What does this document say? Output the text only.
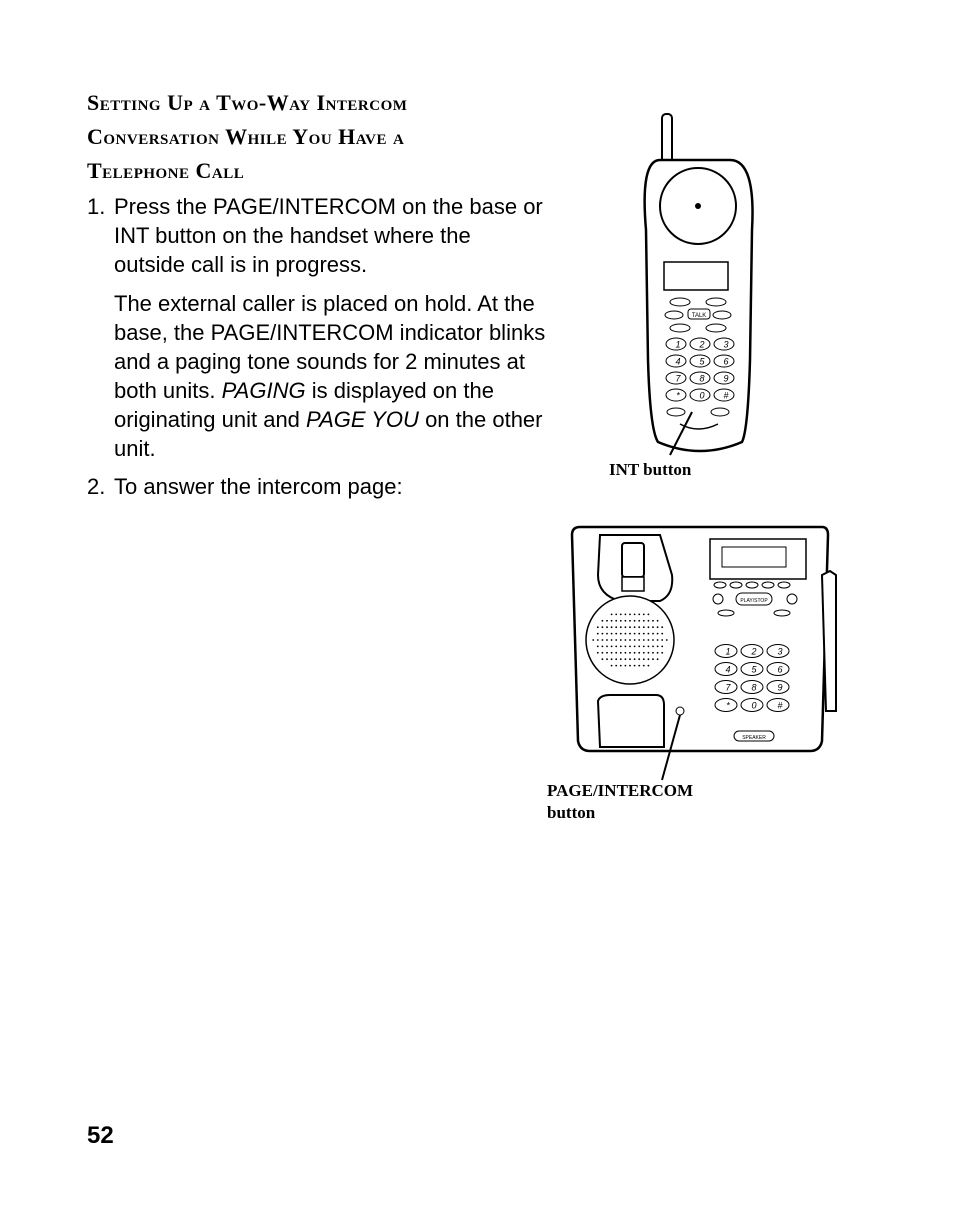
Setting Up a Two-Way Intercom
Conversation While You Have a
Telephone Call
1. Press the PAGE/INTERCOM on the base or INT button on the handset where the outside call is in progress.
The external caller is placed on hold. At the base, the PAGE/INTERCOM indicator blinks and a paging tone sounds for 2 minutes at both units. PAGING is displayed on the originating unit and PAGE YOU on the other unit.
2. To answer the intercom page:
TALK
1 2 3
4 5 6
7 8 9
* 0 #
INT button
PLAY/STOP
1 2 3
4 5 6
7 8 9
* 0 #
SPEAKER
PAGE/INTERCOM
button
52
